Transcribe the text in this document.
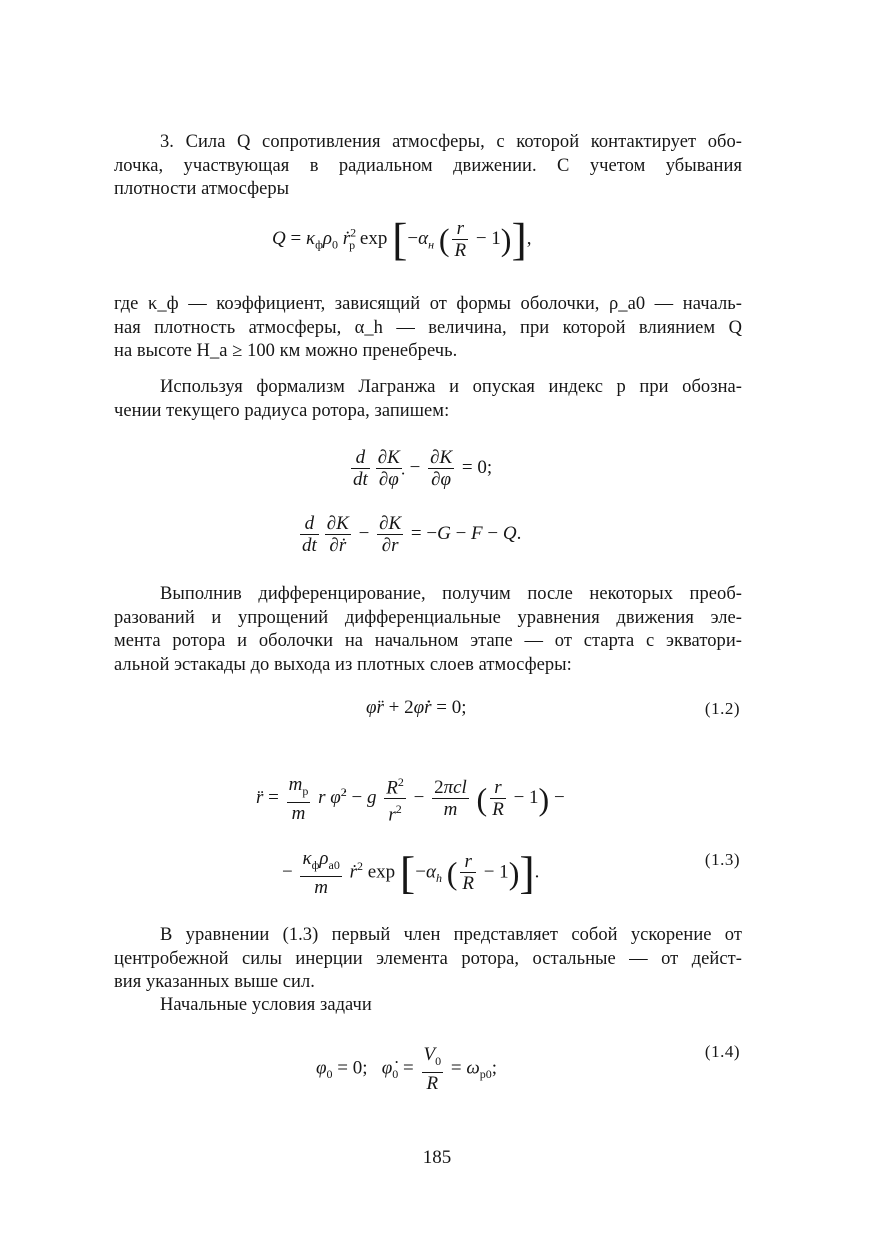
3. Сила Q сопротивления атмосферы, с которой контактирует обо-
лочка, участвующая в радиальном движении. С учетом убывания
плотности атмосферы
$Q = \kappa_ф\rho_0$ ṙ$^2_р$ $\exp [-\alpha_н$ ( $\frac{r}{R} - 1$)],
где κ_ф — коэффициент, зависящий от формы оболочки, ρ_a0 — началь-
ная плотность атмосферы, α_h — величина, при которой влиянием Q
на высоте H_a ≥ 100 км можно пренебречь.
Используя формализм Лагранжа и опуская индекс р при обозна-
чении текущего радиуса ротора, запишем:
$\frac{d}{dt} \frac{\partial K}{\partial\varphi̇} - \frac{\partial K}{\partial\varphi} = 0$;
$\frac{d}{dt} \frac{\partial K}{\text{∂ṙ}} - \frac{\partial K}{\partial r} = -G - F - Q$.
Выполнив дифференцирование, получим после некоторых преоб-
разований и упрощений дифференциальные уравнения движения эле-
мента ротора и оболочки на начальном этапе — от старта с экватори-
альной эстакады до выхода из плотных слоев атмосферы:
φ̈r + 2φ̇ṙ = 0;	(1.2)
r̈ = $\frac{m_p}{m}$ r φ̇$^2$ − g $\frac{R^2}{r^2} - \frac{\text{2πcl}}{m}$ ( $\frac{r}{R} - 1$) −
− $\frac{\kappa_ф\rho_{a0}}{m}$ ṙ$^2$ $\exp [-\alpha_h$ ( $\frac{r}{R} - 1$)].
(1.3)
В уравнении (1.3) первый член представляет собой ускорение от
центробежной силы инерции элемента ротора, остальные — от дейст-
вия указанных выше сил.
Начальные условия задачи
$\varphi_0 = 0$;   $\varphi̇_0 = \frac{V_0}{R} = \omega_{р0}$;
(1.4)
185
